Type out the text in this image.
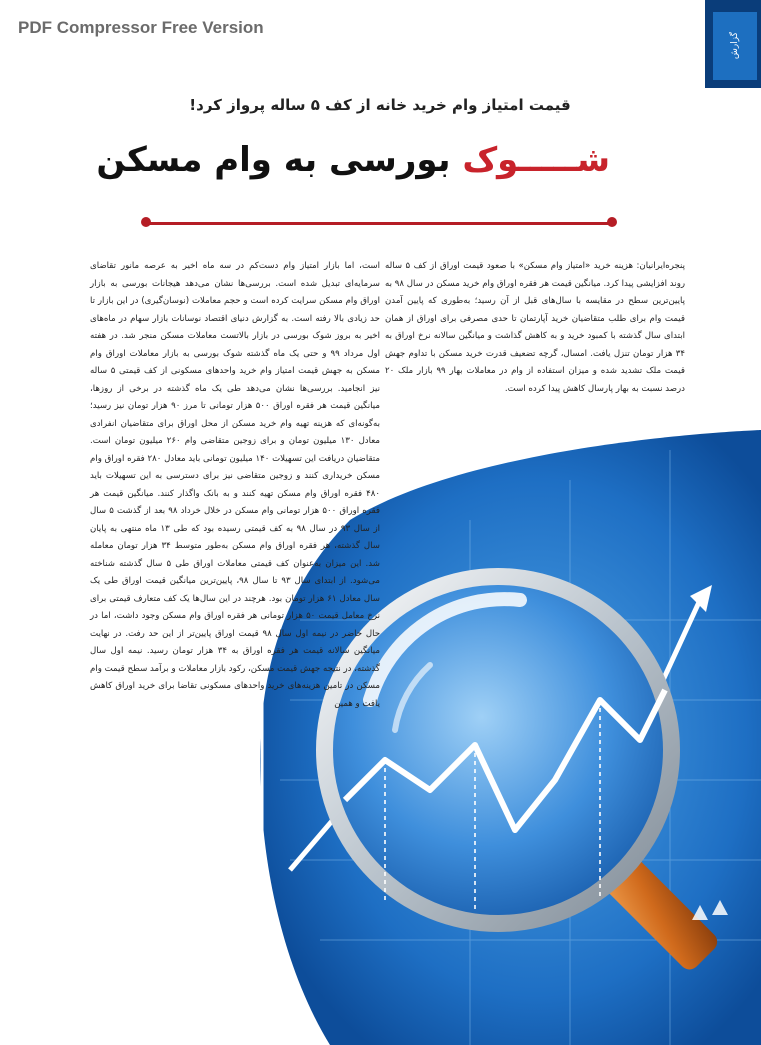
PDF Compressor Free Version
گزارش
قیمت امتیاز وام خرید خانه از کف ۵ ساله پرواز کرد!
شـــــوک بورسی به وام مسکن

پنجره‌ایرانیان: هزینه خرید «امتیاز وام مسکن» با صعود قیمت اوراق از کف ۵ ساله روند افزایشی پیدا کرد. میانگین قیمت هر فقره اوراق وام خرید مسکن در سال ۹۸ به پایین‌ترین سطح در مقایسه با سال‌های قبل از آن رسید؛ به‌طوری که پایین آمدن قیمت وام برای طلب متقاضیان خرید آپارتمان تا حدی مصرفی برای اوراق از همان ابتدای سال گذشته با کمبود خرید و به کاهش گذاشت و میانگین سالانه نرخ اوراق به ۳۴ هزار تومان تنزل یافت. امسال، گرچه تضعیف قدرت خرید مسکن با تداوم جهش قیمت ملک تشدید شده و میزان استفاده از وام در معاملات بهار ۹۹ بازار ملک ۲۰ درصد نسبت به بهار پارسال کاهش پیدا کرده است.

است، اما بازار امتیاز وام دست‌کم در سه ماه اخیر به عرصه مانور تقاضای سرمایه‌ای تبدیل شده است. بررسی‌ها نشان می‌دهد هیجانات بورسی به بازار اوراق وام مسکن سرایت کرده است و حجم معاملات (نوسان‌گیری) در این بازار تا حد زیادی بالا رفته است. به گزارش دنیای اقتصاد نوسانات بازار سهام در ماه‌های اخیر به بروز شوک بورسی در بازار بالاتست معاملات مسکن منجر شد. در هفته اول مرداد ۹۹ و حتی یک ماه گذشته شوک بورسی به بازار معاملات اوراق وام مسکن به جهش قیمت امتیاز وام خرید واحدهای مسکونی از کف قیمتی ۵ ساله نیز انجامید. بررسی‌ها نشان می‌دهد طی یک ماه گذشته در برخی از روزها، میانگین قیمت هر فقره اوراق ۵۰۰ هزار تومانی تا مرز ۹۰ هزار تومان نیز رسید؛ به‌گونه‌ای که هزینه تهیه وام خرید مسکن از محل اوراق برای متقاضیان انفرادی معادل ۱۳۰ میلیون تومان و برای زوجین متقاضی وام ۲۶۰ میلیون تومان است. متقاضیان دریافت این تسهیلات ۱۴۰ میلیون تومانی باید معادل ۲۸۰ فقره اوراق وام مسکن خریداری کنند و زوجین متقاضی نیز برای دسترسی به این تسهیلات باید ۴۸۰ فقره اوراق وام مسکن تهیه کنند و به بانک واگذار کنند. میانگین قیمت هر فقره اوراق ۵۰۰ هزار تومانی وام مسکن در خلال خرداد ۹۸ بعد از گذشت ۵ سال از سال ۹۳ در سال ۹۸ به کف قیمتی رسیده بود که طی ۱۳ ماه منتهی به پایان سال گذشته، هر فقره اوراق وام مسکن به‌طور متوسط ۳۴ هزار تومان معامله شد. این میزان به‌عنوان کف قیمتی معاملات اوراق طی ۵ سال گذشته شناخته می‌شود. از ابتدای سال ۹۳ تا سال ۹۸، پایین‌ترین میانگین قیمت اوراق طی یک سال معادل ۶۱ هزار تومان بود. هرچند در این سال‌ها یک کف متعارف قیمتی برای نرخ معامل قیمت ۵۰ هزار تومانی هر فقره اوراق وام مسکن وجود داشت، اما در حال حاضر در نیمه اول سال ۹۸ قیمت اوراق پایین‌تر از این حد رفت. در نهایت میانگین سالانه قیمت هر فقره اوراق به ۳۴ هزار تومان رسید. نیمه اول سال گذشته، در نتیجه جهش قیمت مسکن، رکود بازار معاملات و برآمد سطح قیمت وام مسکن در تامین هزینه‌های خرید واحدهای مسکونی تقاضا برای خرید اوراق کاهش یافت و همین
